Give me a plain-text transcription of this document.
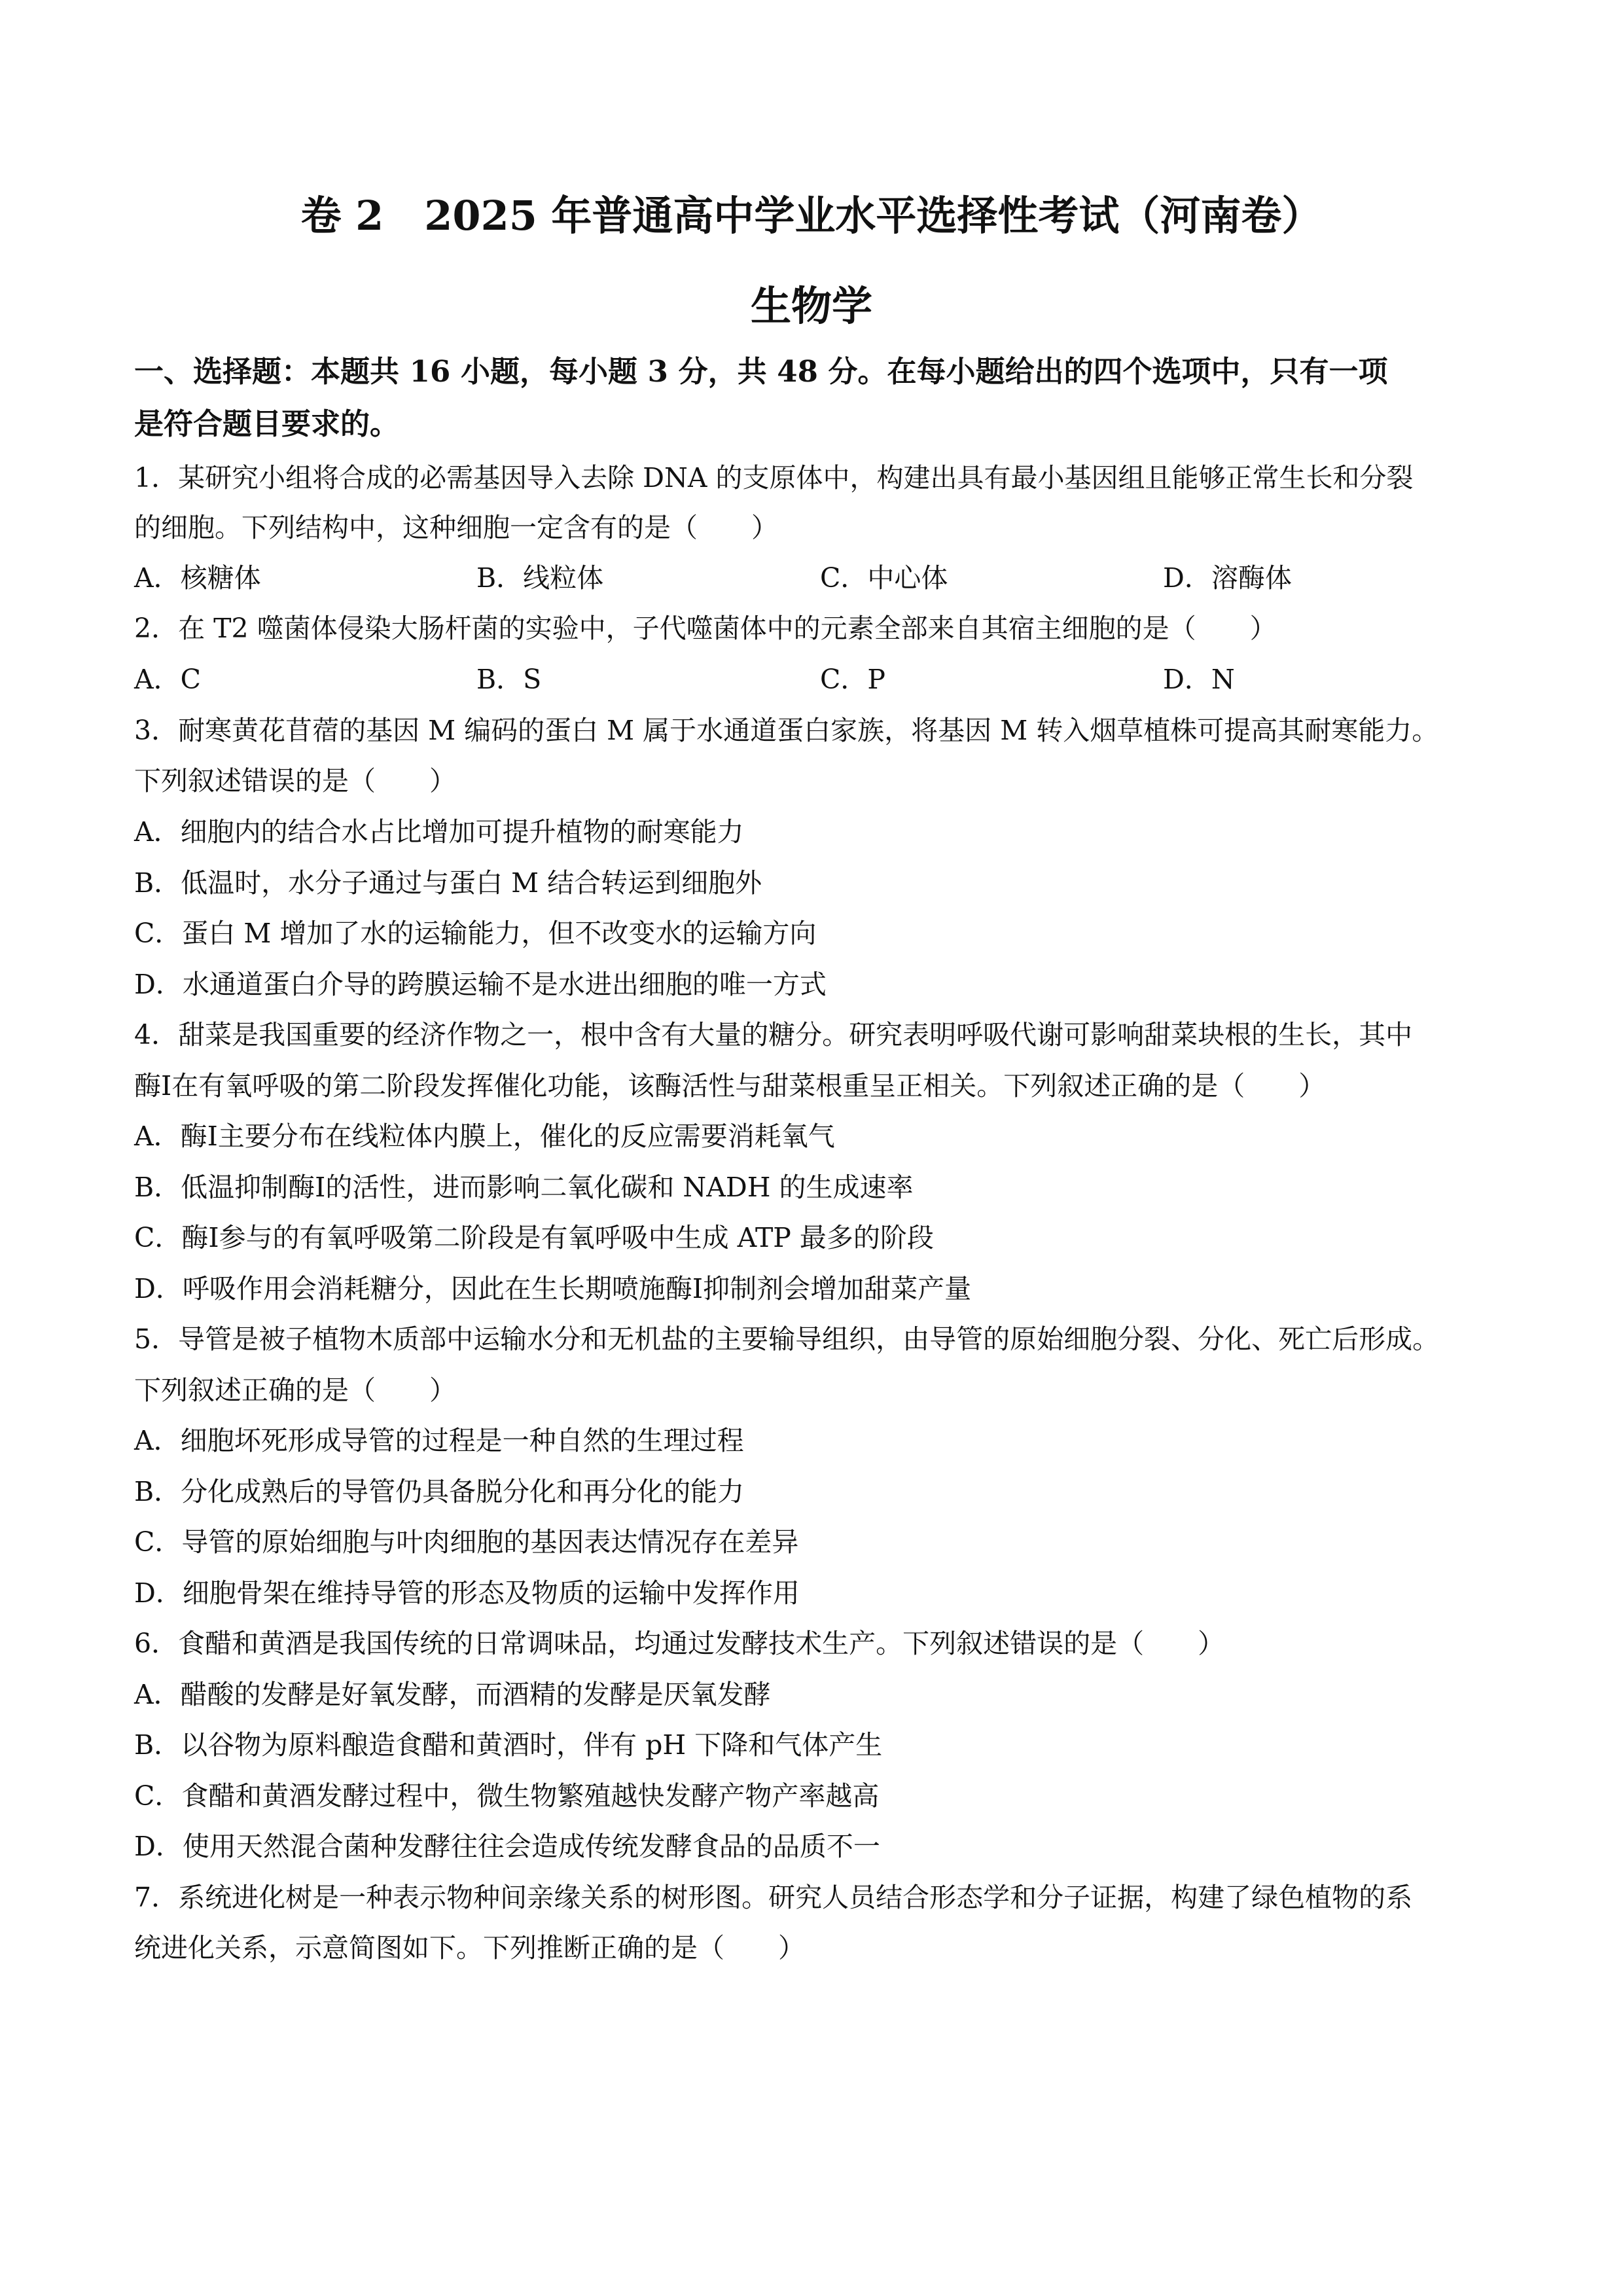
卷 2　2025 年普通高中学业水平选择性考试（河南卷）
生物学
一、选择题：本题共 16 小题，每小题 3 分，共 48 分。在每小题给出的四个选项中，只有一项
是符合题目要求的。
1．某研究小组将合成的必需基因导入去除 DNA 的支原体中，构建出具有最小基因组且能够正常生长和分裂
的细胞。下列结构中，这种细胞一定含有的是（　　）
A．核糖体	B．线粒体	C．中心体	D．溶酶体
2．在 T2 噬菌体侵染大肠杆菌的实验中，子代噬菌体中的元素全部来自其宿主细胞的是（　　）
A．C	B．S	C．P	D．N
3．耐寒黄花苜蓿的基因 M 编码的蛋白 M 属于水通道蛋白家族，将基因 M 转入烟草植株可提高其耐寒能力。
下列叙述错误的是（　　）
A．细胞内的结合水占比增加可提升植物的耐寒能力
B．低温时，水分子通过与蛋白 M 结合转运到细胞外
C．蛋白 M 增加了水的运输能力，但不改变水的运输方向
D．水通道蛋白介导的跨膜运输不是水进出细胞的唯一方式
4．甜菜是我国重要的经济作物之一，根中含有大量的糖分。研究表明呼吸代谢可影响甜菜块根的生长，其中
酶Ⅰ在有氧呼吸的第二阶段发挥催化功能，该酶活性与甜菜根重呈正相关。下列叙述正确的是（　　）
A．酶Ⅰ主要分布在线粒体内膜上，催化的反应需要消耗氧气
B．低温抑制酶Ⅰ的活性，进而影响二氧化碳和 NADH 的生成速率
C．酶Ⅰ参与的有氧呼吸第二阶段是有氧呼吸中生成 ATP 最多的阶段
D．呼吸作用会消耗糖分，因此在生长期喷施酶Ⅰ抑制剂会增加甜菜产量
5．导管是被子植物木质部中运输水分和无机盐的主要输导组织，由导管的原始细胞分裂、分化、死亡后形成。
下列叙述正确的是（　　）
A．细胞坏死形成导管的过程是一种自然的生理过程
B．分化成熟后的导管仍具备脱分化和再分化的能力
C．导管的原始细胞与叶肉细胞的基因表达情况存在差异
D．细胞骨架在维持导管的形态及物质的运输中发挥作用
6．食醋和黄酒是我国传统的日常调味品，均通过发酵技术生产。下列叙述错误的是（　　）
A．醋酸的发酵是好氧发酵，而酒精的发酵是厌氧发酵
B．以谷物为原料酿造食醋和黄酒时，伴有 pH 下降和气体产生
C．食醋和黄酒发酵过程中，微生物繁殖越快发酵产物产率越高
D．使用天然混合菌种发酵往往会造成传统发酵食品的品质不一
7．系统进化树是一种表示物种间亲缘关系的树形图。研究人员结合形态学和分子证据，构建了绿色植物的系
统进化关系，示意简图如下。下列推断正确的是（　　）
